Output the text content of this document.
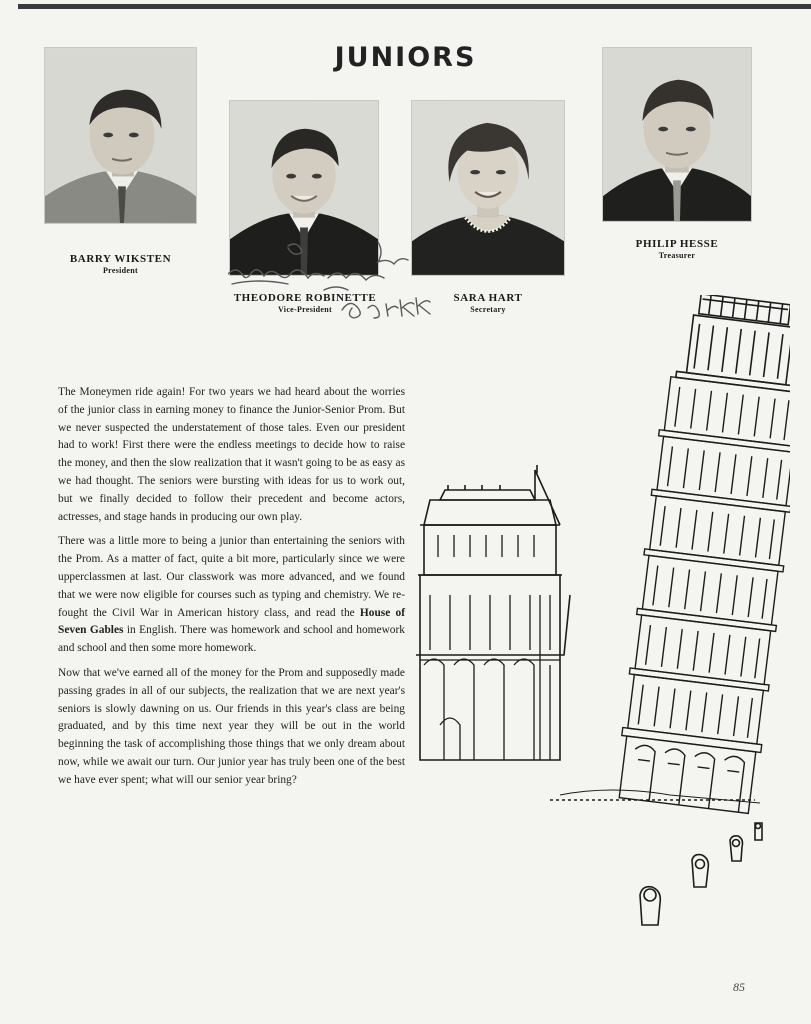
JUNIORS
BARRY WIKSTEN
President
THEODORE ROBINETTE
Vice-President
SARA HART
Secretary
PHILIP HESSE
Treasurer

The Moneymen ride again! For two years we had heard about the worries of the junior class in earning money to finance the Junior-Senior Prom. But we never suspected the understatement of those tales. Even our president had to work! First there were the endless meetings to decide how to raise the money, and then the slow realization that it wasn't going to be as easy as we had thought. The seniors were bursting with ideas for us to work out, but we finally decided to follow their precedent and become actors, actresses, and stage hands in producing our own play.

There was a little more to being a junior than entertaining the seniors with the Prom. As a matter of fact, quite a bit more, particularly since we were upperclassmen at last. Our classwork was more advanced, and we found that we were now eligible for courses such as typing and chemistry. We re-fought the Civil War in American history class, and read the House of Seven Gables in English. There was homework and school and homework and school and then some more homework.

Now that we've earned all of the money for the Prom and supposedly made passing grades in all of our subjects, the realization that we are next year's seniors is slowly dawning on us. Our friends in this year's class are being graduated, and by this time next year they will be out in the world beginning the task of accomplishing those things that we only dream about now, while we await our turn. Our junior year has truly been one of the best we have ever spent; what will our senior year bring?

85
